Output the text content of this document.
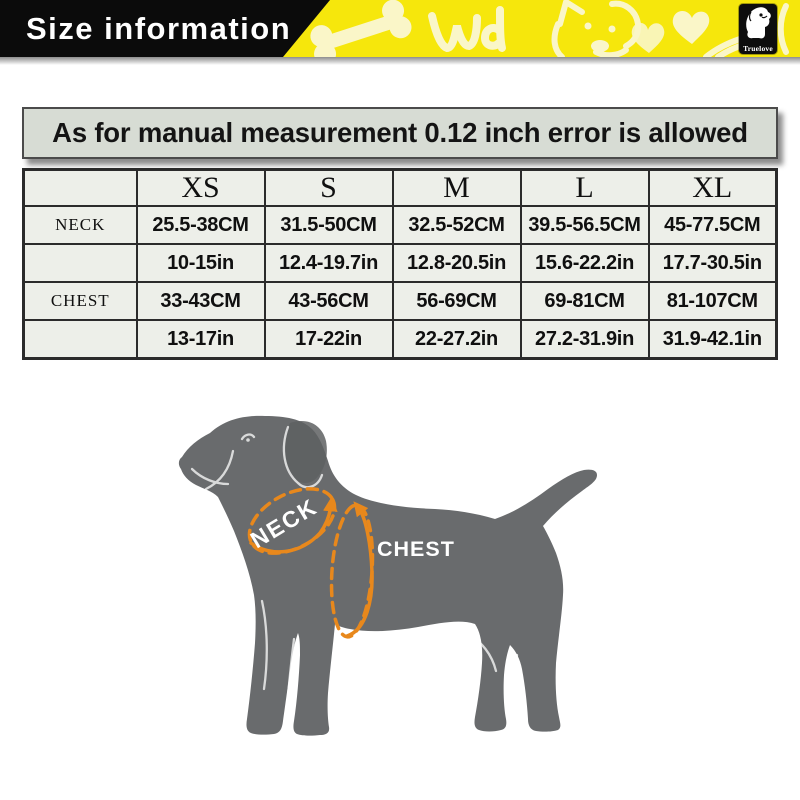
Size information
Truelove
As for manual measurement 0.12 inch error is allowed
	XS	S	M	L	XL
NECK	25.5-38CM	31.5-50CM	32.5-52CM	39.5-56.5CM	45-77.5CM
	10-15in	12.4-19.7in	12.8-20.5in	15.6-22.2in	17.7-30.5in
CHEST	33-43CM	43-56CM	56-69CM	69-81CM	81-107CM
	13-17in	17-22in	22-27.2in	27.2-31.9in	31.9-42.1in
NECK	CHEST
